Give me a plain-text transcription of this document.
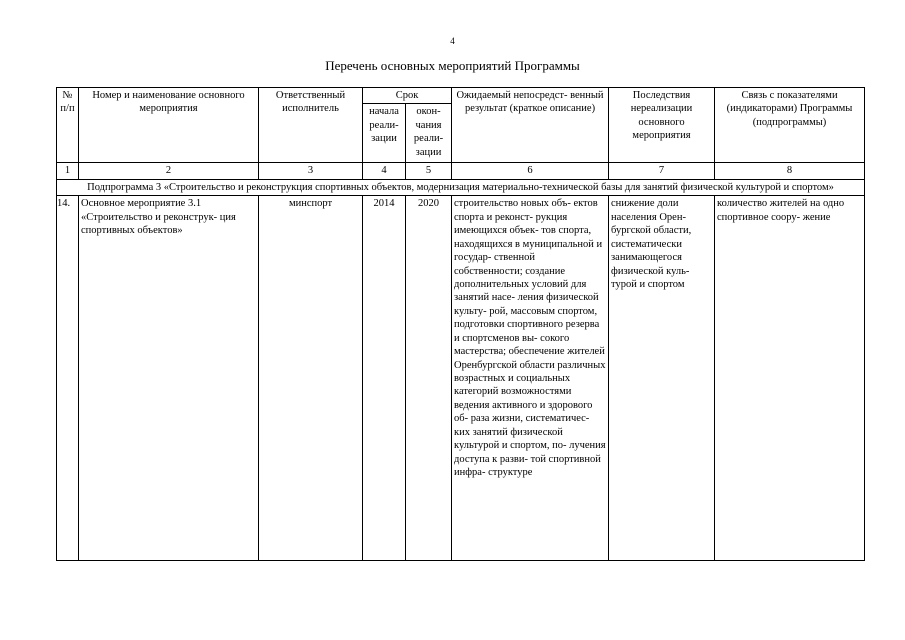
4
Перечень основных мероприятий Программы
№ п/п	Номер и наименование основного мероприятия	Ответственный исполнитель	Срок		Ожидаемый непосредст- венный результат (краткое описание)	Последствия нереализации основного мероприятия	Связь с показателями (индикаторами) Программы (подпрограммы)
			начала реали- зации	окон- чания реали- зации			
1	2	3	4	5	6	7	8
Подпрограмма 3 «Строительство и реконструкция спортивных объектов, модернизация материально-технической базы для занятий физической культурой и спортом»							
14.	Основное мероприятие 3.1 «Строительство и реконструк- ция спортивных объектов»	минспорт	2014	2020	строительство новых объ- ектов спорта и реконст- рукция имеющихся объек- тов спорта, находящихся в муниципальной и государ- ственной собственности; создание дополнительных условий для занятий насе- ления физической культу- рой, массовым спортом, подготовки спортивного резерва и спортсменов вы- сокого мастерства; обеспечение жителей Оренбургской области различных возрастных и социальных категорий возможностями ведения активного и здорового об- раза жизни, систематичес- ких занятий физической культурой и спортом, по- лучения доступа к разви- той спортивной инфра- структуре	снижение доли населения Орен- бургской области, систематически занимающегося физической куль- турой и спортом	количество жителей на одно спортивное соору- жение
